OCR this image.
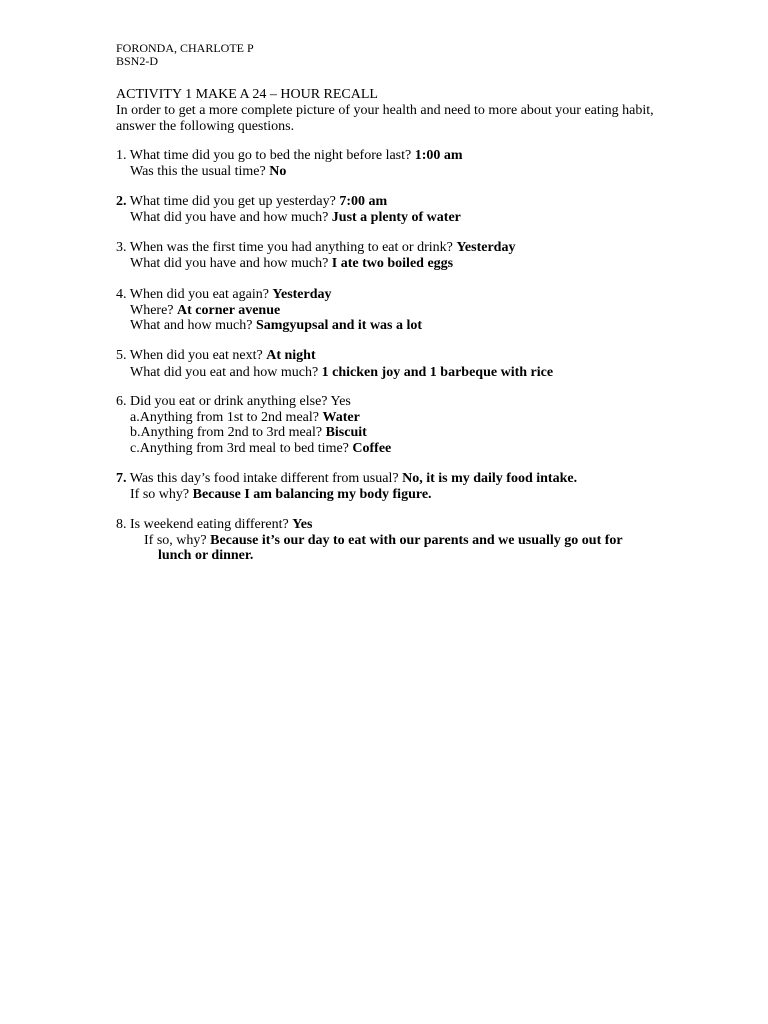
FORONDA, CHARLOTE P
BSN2-D
ACTIVITY 1 MAKE A 24 – HOUR RECALL
In order to get a more complete picture of your health and need to more about your eating habit, answer the following questions.
1. What time did you go to bed the night before last? 1:00 am
Was this the usual time? No
2. What time did you get up yesterday? 7:00 am
What did you have and how much? Just a plenty of water
3. When was the first time you had anything to eat or drink? Yesterday
What did you have and how much? I ate two boiled eggs
4. When did you eat again? Yesterday
Where? At corner avenue
What and how much? Samgyupsal and it was a lot
5. When did you eat next? At night
What did you eat and how much? 1 chicken joy and 1 barbeque with rice
6. Did you eat or drink anything else? Yes
a.Anything from 1st to 2nd meal? Water
b.Anything from 2nd to 3rd meal? Biscuit
c.Anything from 3rd meal to bed time? Coffee
7. Was this day’s food intake different from usual? No, it is my daily food intake.
If so why? Because I am balancing my body figure.
8. Is weekend eating different? Yes
If so, why? Because it’s our day to eat with our parents and we usually go out for
lunch or dinner.
